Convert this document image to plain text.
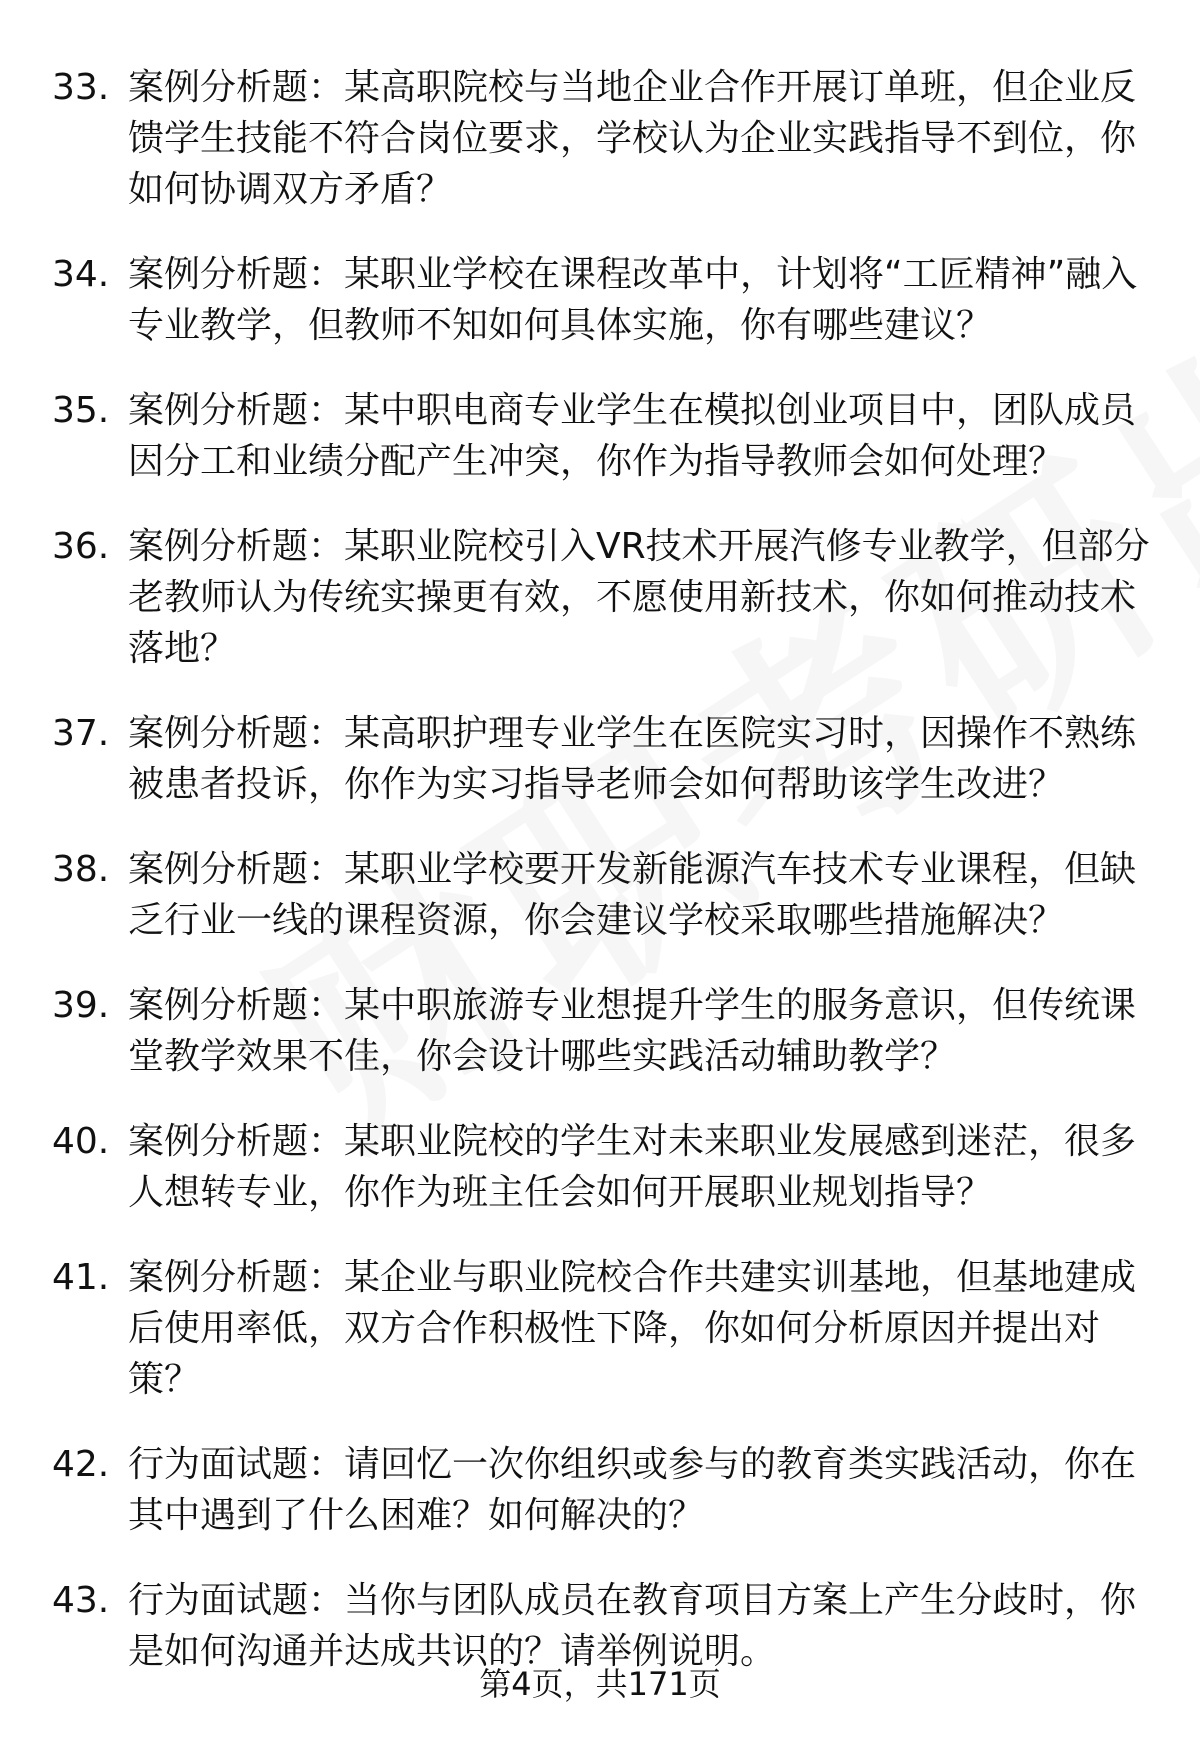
33. 案例分析题：某高职院校与当地企业合作开展订单班，但企业反馈学生技能不符合岗位要求，学校认为企业实践指导不到位，你如何协调双方矛盾？
34. 案例分析题：某职业学校在课程改革中，计划将“工匠精神”融入专业教学，但教师不知如何具体实施，你有哪些建议？
35. 案例分析题：某中职电商专业学生在模拟创业项目中，团队成员因分工和业绩分配产生冲突，你作为指导教师会如何处理？
36. 案例分析题：某职业院校引入VR技术开展汽修专业教学，但部分老教师认为传统实操更有效，不愿使用新技术，你如何推动技术落地？
37. 案例分析题：某高职护理专业学生在医院实习时，因操作不熟练被患者投诉，你作为实习指导老师会如何帮助该学生改进？
38. 案例分析题：某职业学校要开发新能源汽车技术专业课程，但缺乏行业一线的课程资源，你会建议学校采取哪些措施解决？
39. 案例分析题：某中职旅游专业想提升学生的服务意识，但传统课堂教学效果不佳，你会设计哪些实践活动辅助教学？
40. 案例分析题：某职业院校的学生对未来职业发展感到迷茫，很多人想转专业，你作为班主任会如何开展职业规划指导？
41. 案例分析题：某企业与职业院校合作共建实训基地，但基地建成后使用率低，双方合作积极性下降，你如何分析原因并提出对策？
42. 行为面试题：请回忆一次你组织或参与的教育类实践活动，你在其中遇到了什么困难？如何解决的？
43. 行为面试题：当你与团队成员在教育项目方案上产生分歧时，你是如何沟通并达成共识的？请举例说明。
第4页，共171页
